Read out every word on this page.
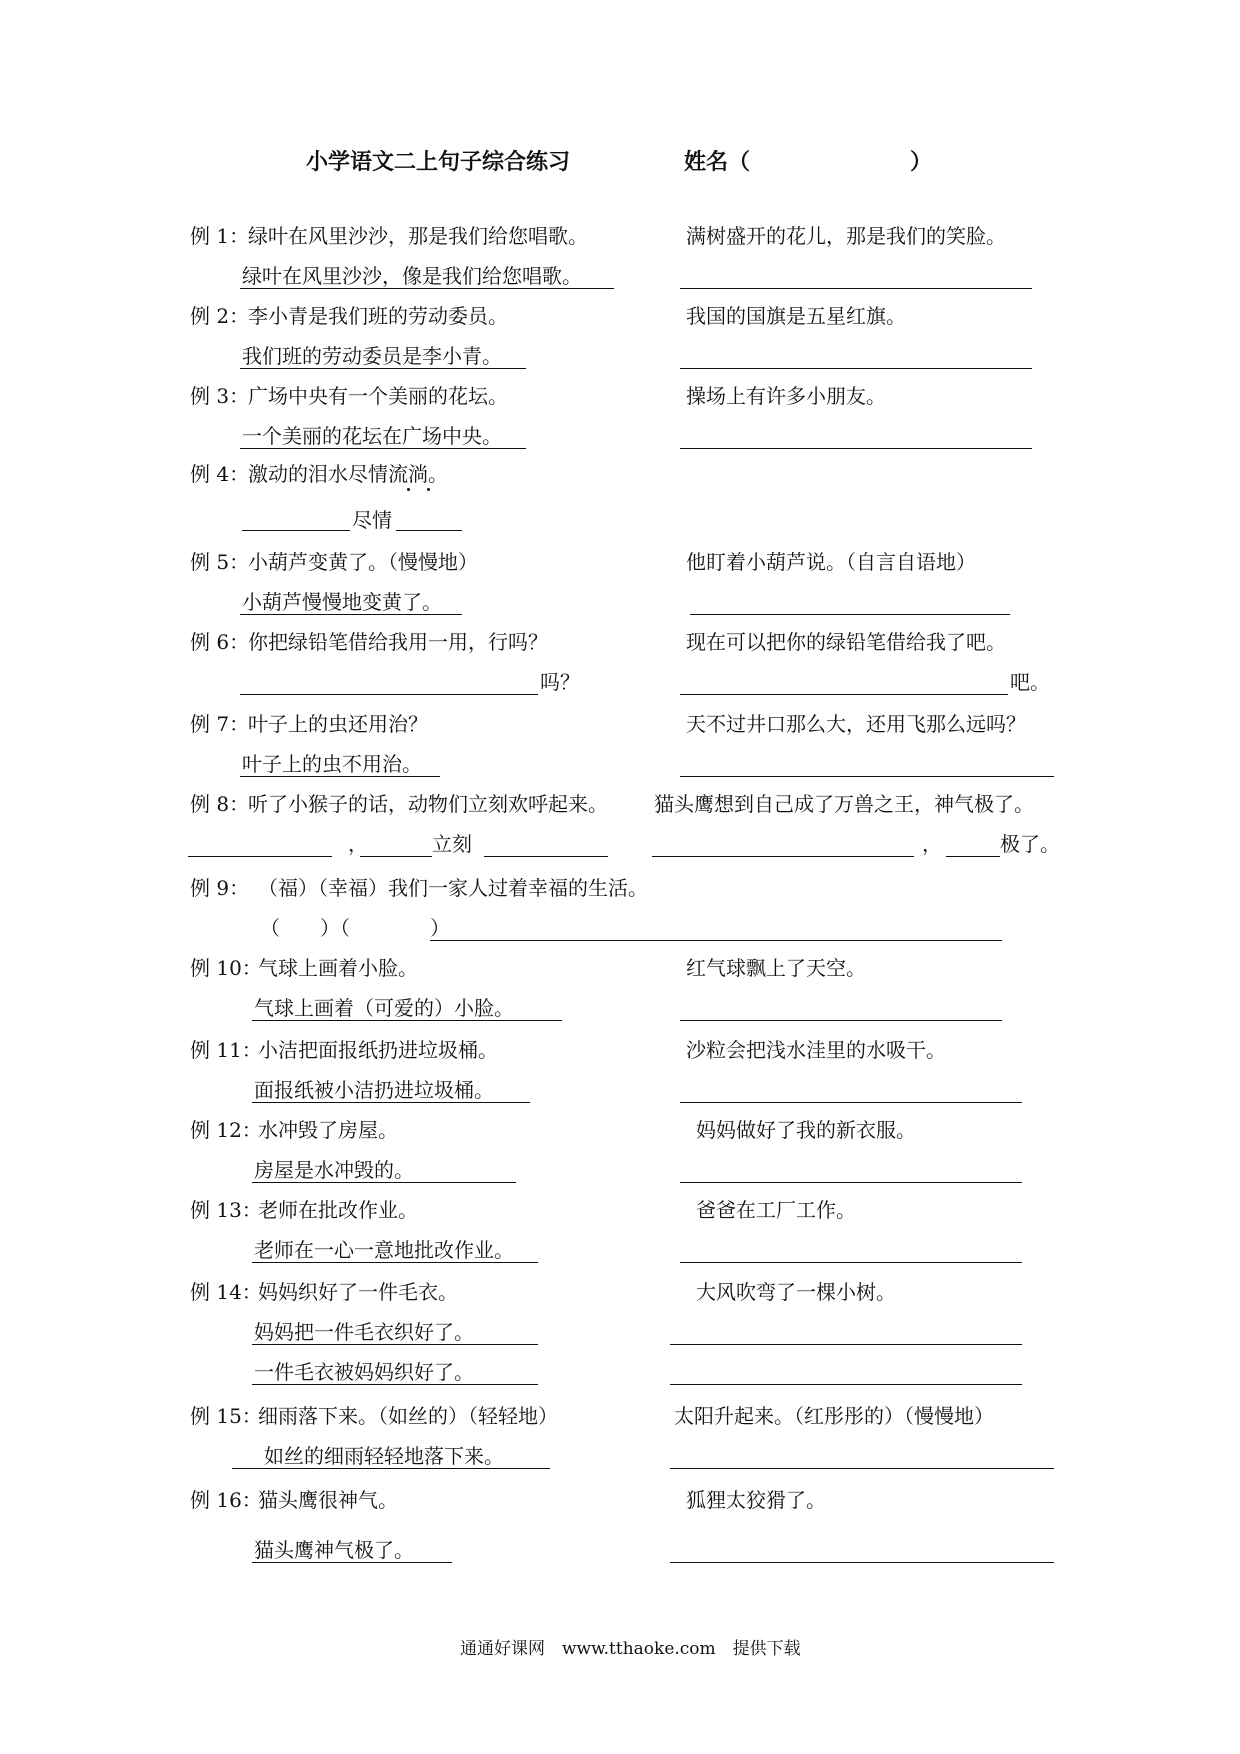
小学语文二上句子综合练习	姓名（	）
例 1：
绿叶在风里沙沙，那是我们给您唱歌。	满树盛开的花儿，那是我们的笑脸。
绿叶在风里沙沙，像是我们给您唱歌。
例 2：
李小青是我们班的劳动委员。	我国的国旗是五星红旗。
我们班的劳动委员是李小青。
例 3：
广场中央有一个美丽的花坛。	操场上有许多小朋友。
一个美丽的花坛在广场中央。
例 4：
激动的泪水尽情流淌。
尽情
例 5：
小葫芦变黄了。（慢慢地）	他盯着小葫芦说。（自言自语地）
小葫芦慢慢地变黄了。
例 6：
你把绿铅笔借给我用一用，行吗？	现在可以把你的绿铅笔借给我了吧。
吗？	吧。
例 7：
叶子上的虫还用治？	天不过井口那么大，还用飞那么远吗？
叶子上的虫不用治。
例 8：
听了小猴子的话，动物们立刻欢呼起来。 猫头鹰想到自己成了万兽之王，神气极了。
，	立刻	，	极了。
例 9： （福）（幸福）我们一家人过着幸福的生活。
（　　）（　　　　）
例 10：
气球上画着小脸。	红气球飘上了天空。
气球上画着（可爱的）小脸。
例 11：
小洁把面报纸扔进垃圾桶。	沙粒会把浅水洼里的水吸干。
面报纸被小洁扔进垃圾桶。
例 12：
水冲毁了房屋。	妈妈做好了我的新衣服。
房屋是水冲毁的。
例 13：
老师在批改作业。	爸爸在工厂工作。
老师在一心一意地批改作业。
例 14：
妈妈织好了一件毛衣。	大风吹弯了一棵小树。
妈妈把一件毛衣织好了。
一件毛衣被妈妈织好了。
例 15：
细雨落下来。（如丝的）（轻轻地）	太阳升起来。（红彤彤的）（慢慢地）
如丝的细雨轻轻地落下来。
例 16：
猫头鹰很神气。	狐狸太狡猾了。
猫头鹰神气极了。
通通好课网　www.tthaoke.com　提供下载
